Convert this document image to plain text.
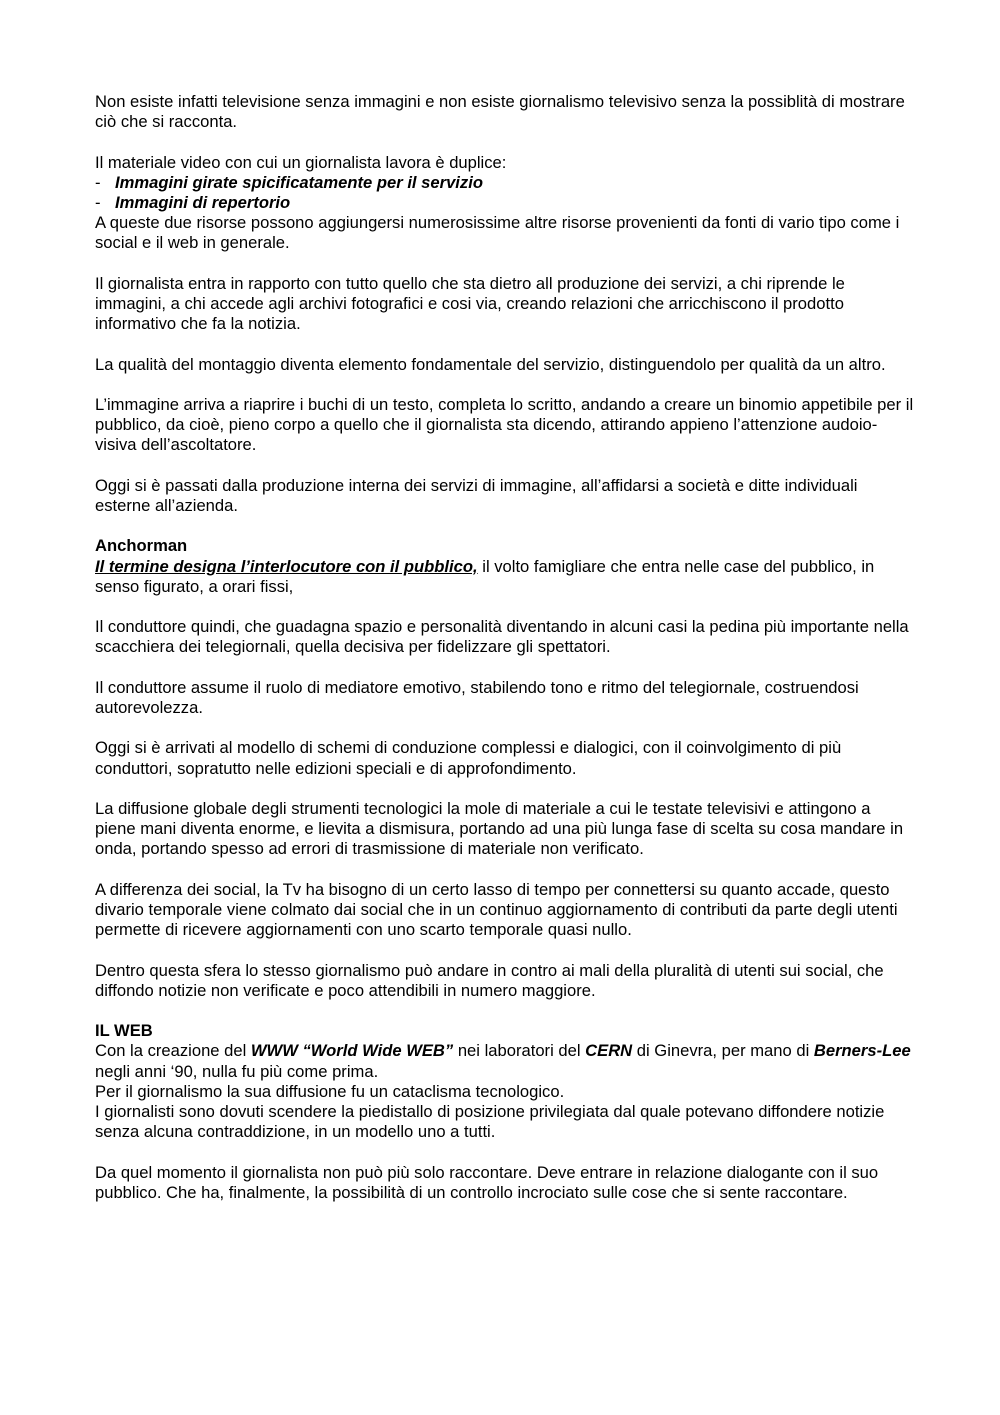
Non esiste infatti televisione senza immagini e non esiste giornalismo televisivo senza la possiblità di mostrare ciò che si racconta.

Il materiale video con cui un giornalista lavora è duplice:

- Immagini girate spicificatamente per il servizio
- Immagini di repertorio

A queste due risorse possono aggiungersi numerosissime altre risorse provenienti da fonti di vario tipo come i social e il web in generale.

Il giornalista entra in rapporto con tutto quello che sta dietro all produzione dei servizi, a chi riprende le immagini, a chi accede agli archivi fotografici e cosi via, creando relazioni che arricchiscono il prodotto informativo che fa la notizia.

La qualità del montaggio diventa elemento fondamentale del servizio, distinguendolo per qualità da un altro.

L’immagine arriva a riaprire i buchi di un testo, completa lo scritto, andando a creare un binomio appetibile per il pubblico, da cioè, pieno corpo a quello che il giornalista sta dicendo, attirando appieno l’attenzione audoio-visiva dell’ascoltatore.

Oggi si è passati dalla produzione interna dei servizi di immagine, all’affidarsi a società e ditte individuali esterne all’azienda.

Anchorman

Il termine designa l’interlocutore con il pubblico, il volto famigliare che entra nelle case del pubblico, in senso figurato, a orari fissi,

Il conduttore quindi, che guadagna spazio e personalità diventando in alcuni casi la pedina più importante nella scacchiera dei telegiornali, quella decisiva per fidelizzare gli spettatori.

Il conduttore assume il ruolo di mediatore emotivo, stabilendo tono e ritmo del telegiornale, costruendosi autorevolezza.

Oggi si è arrivati al modello di schemi di conduzione complessi e dialogici, con il coinvolgimento di più conduttori, sopratutto nelle edizioni speciali e di approfondimento.

La diffusione globale degli strumenti tecnologici la mole di materiale a cui le testate televisivi e attingono a piene mani diventa enorme, e lievita a dismisura, portando ad una più lunga fase di scelta su cosa mandare in onda, portando spesso ad errori di trasmissione di materiale non verificato.

A differenza dei social, la Tv ha bisogno di un certo lasso di tempo per connettersi su quanto accade, questo divario temporale viene colmato dai social che in un continuo aggiornamento di contributi da parte degli utenti permette di ricevere aggiornamenti con uno scarto temporale quasi nullo.

Dentro questa sfera lo stesso giornalismo può andare in contro ai mali della pluralità di utenti sui social, che diffondo notizie non verificate e poco attendibili in numero maggiore.

IL WEB

Con la creazione del WWW “World Wide WEB” nei laboratori del CERN di Ginevra, per mano di Berners-Lee negli anni ‘90, nulla fu più come prima.

Per il giornalismo la sua diffusione fu un cataclisma tecnologico.

I giornalisti sono dovuti scendere la piedistallo di posizione privilegiata dal quale potevano diffondere notizie senza alcuna contraddizione, in un modello uno a tutti.

Da quel momento il giornalista non può più solo raccontare. Deve entrare in relazione dialogante con il suo pubblico. Che ha, finalmente, la possibilità di un controllo incrociato sulle cose che si sente raccontare.
